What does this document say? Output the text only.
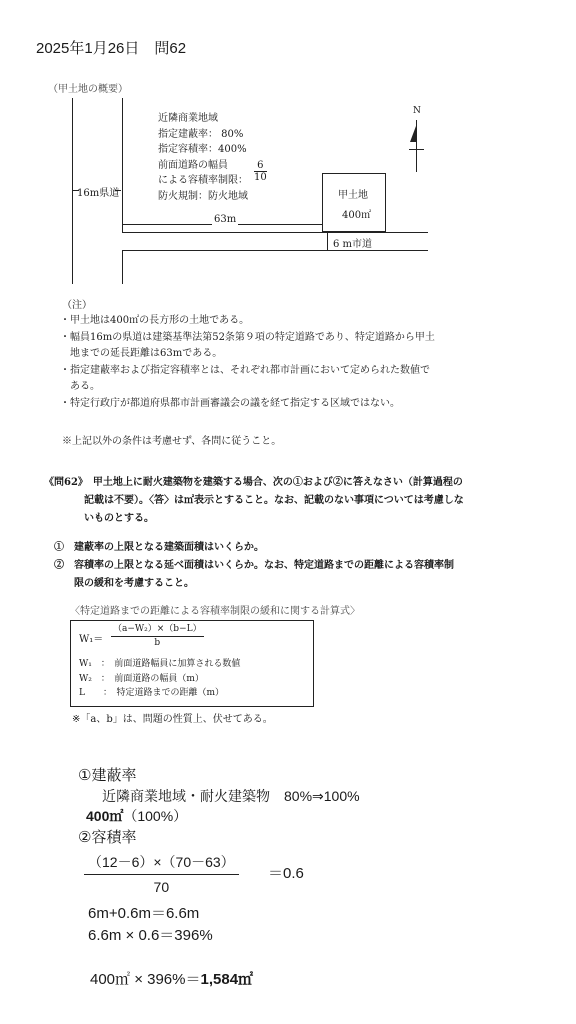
2025年1月26日　問62
（甲土地の概要）
16m県道
近隣商業地域
指定建蔽率： 80%
指定容積率：400%
前面道路の幅員
による容積率制限：
防火規制：防火地域
$\frac{6}{10}$
N
甲土地
400㎡
63m
6 m市道
（注）
・甲土地は400㎡の長方形の土地である。
・幅員16mの県道は建築基準法第52条第９項の特定道路であり、特定道路から甲土
　地までの延長距離は63mである。
・指定建蔽率および指定容積率とは、それぞれ都市計画において定められた数値で
　ある。
・特定行政庁が都道府県都市計画審議会の議を経て指定する区域ではない。
※上記以外の条件は考慮せず、各問に従うこと。
《問62》　甲土地上に耐火建築物を建築する場合、次の①および②に答えなさい（計算過程の
　　　　記載は不要）。〈答〉は㎡表示とすること。なお、記載のない事項については考慮しな
　　　　いものとする。
①　建蔽率の上限となる建築面積はいくらか。
②　容積率の上限となる延べ面積はいくらか。なお、特定道路までの距離による容積率制
　　限の緩和を考慮すること。
〈特定道路までの距離による容積率制限の緩和に関する計算式〉
$W_1= \frac{\text{（a−W₂）×（b−L）}}{b}$
W₁　：　前面道路幅員に加算される数値
W₂　：　前面道路の幅員（m）
L　　：　特定道路までの距離（m）
※「a、b」は、問題の性質上、伏せてある。
①建蔽率
近隣商業地域・耐火建築物　80%⇒100%
400㎡（100%）
②容積率
$\frac{(12-6)\times(70-63)}{70} =0.6$
6m+0.6m＝6.6m
6.6m × 0.6＝396%
400㎡ × 396%＝1,584㎡
